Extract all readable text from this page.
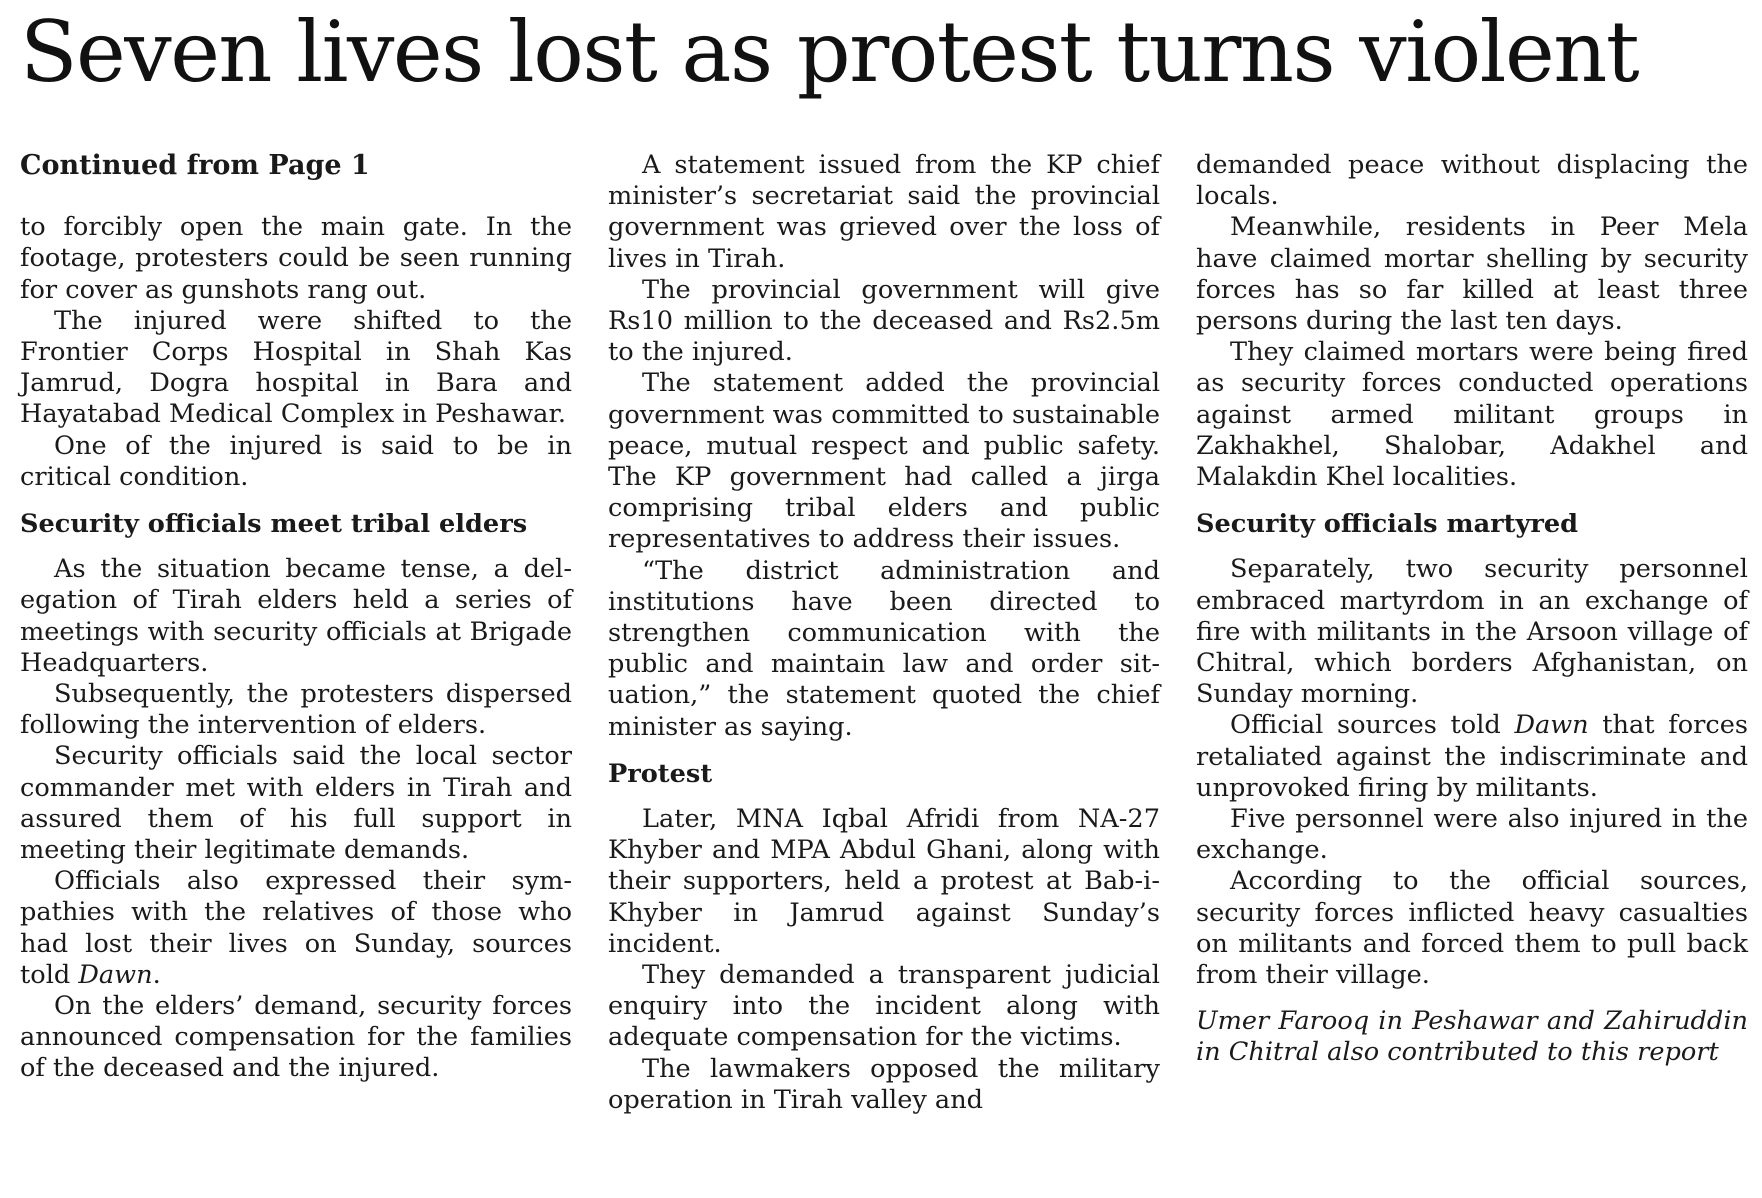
Seven lives lost as protest turns violent
Continued from Page 1

to forcibly open the main gate. In the footage, protesters could be seen running for cover as gunshots rang out.

The injured were shifted to the Frontier Corps Hospital in Shah Kas Jamrud, Dogra hospital in Bara and Hayatabad Medical Complex in Peshawar.

One of the injured is said to be in critical condition.

Security officials meet tribal elders

As the situation became tense, a delegation of Tirah elders held a series of meetings with security officials at Brigade Headquarters.

Subsequently, the protesters dispersed following the intervention of elders.

Security officials said the local sector commander met with elders in Tirah and assured them of his full support in meeting their legitimate demands.

Officials also expressed their sympathies with the relatives of those who had lost their lives on Sunday, sources told Dawn.

On the elders’ demand, security forces announced compensation for the families of the deceased and the injured.

A statement issued from the KP chief minister’s secretariat said the provincial government was grieved over the loss of lives in Tirah.

The provincial government will give Rs10 million to the deceased and Rs2.5m to the injured.

The statement added the provincial government was committed to sustainable peace, mutual respect and public safety. The KP government had called a jirga comprising tribal elders and public representatives to address their issues.

“The district administration and institutions have been directed to strengthen communication with the public and maintain law and order situation,” the statement quoted the chief minister as saying.

Protest

Later, MNA Iqbal Afridi from NA-27 Khyber and MPA Abdul Ghani, along with their supporters, held a protest at Bab-i-Khyber in Jamrud against Sunday’s incident.

They demanded a transparent judicial enquiry into the incident along with adequate compensation for the victims.

The lawmakers opposed the military operation in Tirah valley and

demanded peace without displacing the locals.

Meanwhile, residents in Peer Mela have claimed mortar shelling by security forces has so far killed at least three persons during the last ten days.

They claimed mortars were being fired as security forces conducted operations against armed militant groups in Zakhakhel, Shalobar, Adakhel and Malakdin Khel localities.

Security officials martyred

Separately, two security personnel embraced martyrdom in an exchange of fire with militants in the Arsoon village of Chitral, which borders Afghanistan, on Sunday morning.

Official sources told Dawn that forces retaliated against the indiscriminate and unprovoked firing by militants.

Five personnel were also injured in the exchange.

According to the official sources, security forces inflicted heavy casualties on militants and forced them to pull back from their village.

Umer Farooq in Peshawar and Zahiruddin in Chitral also contributed to this report
